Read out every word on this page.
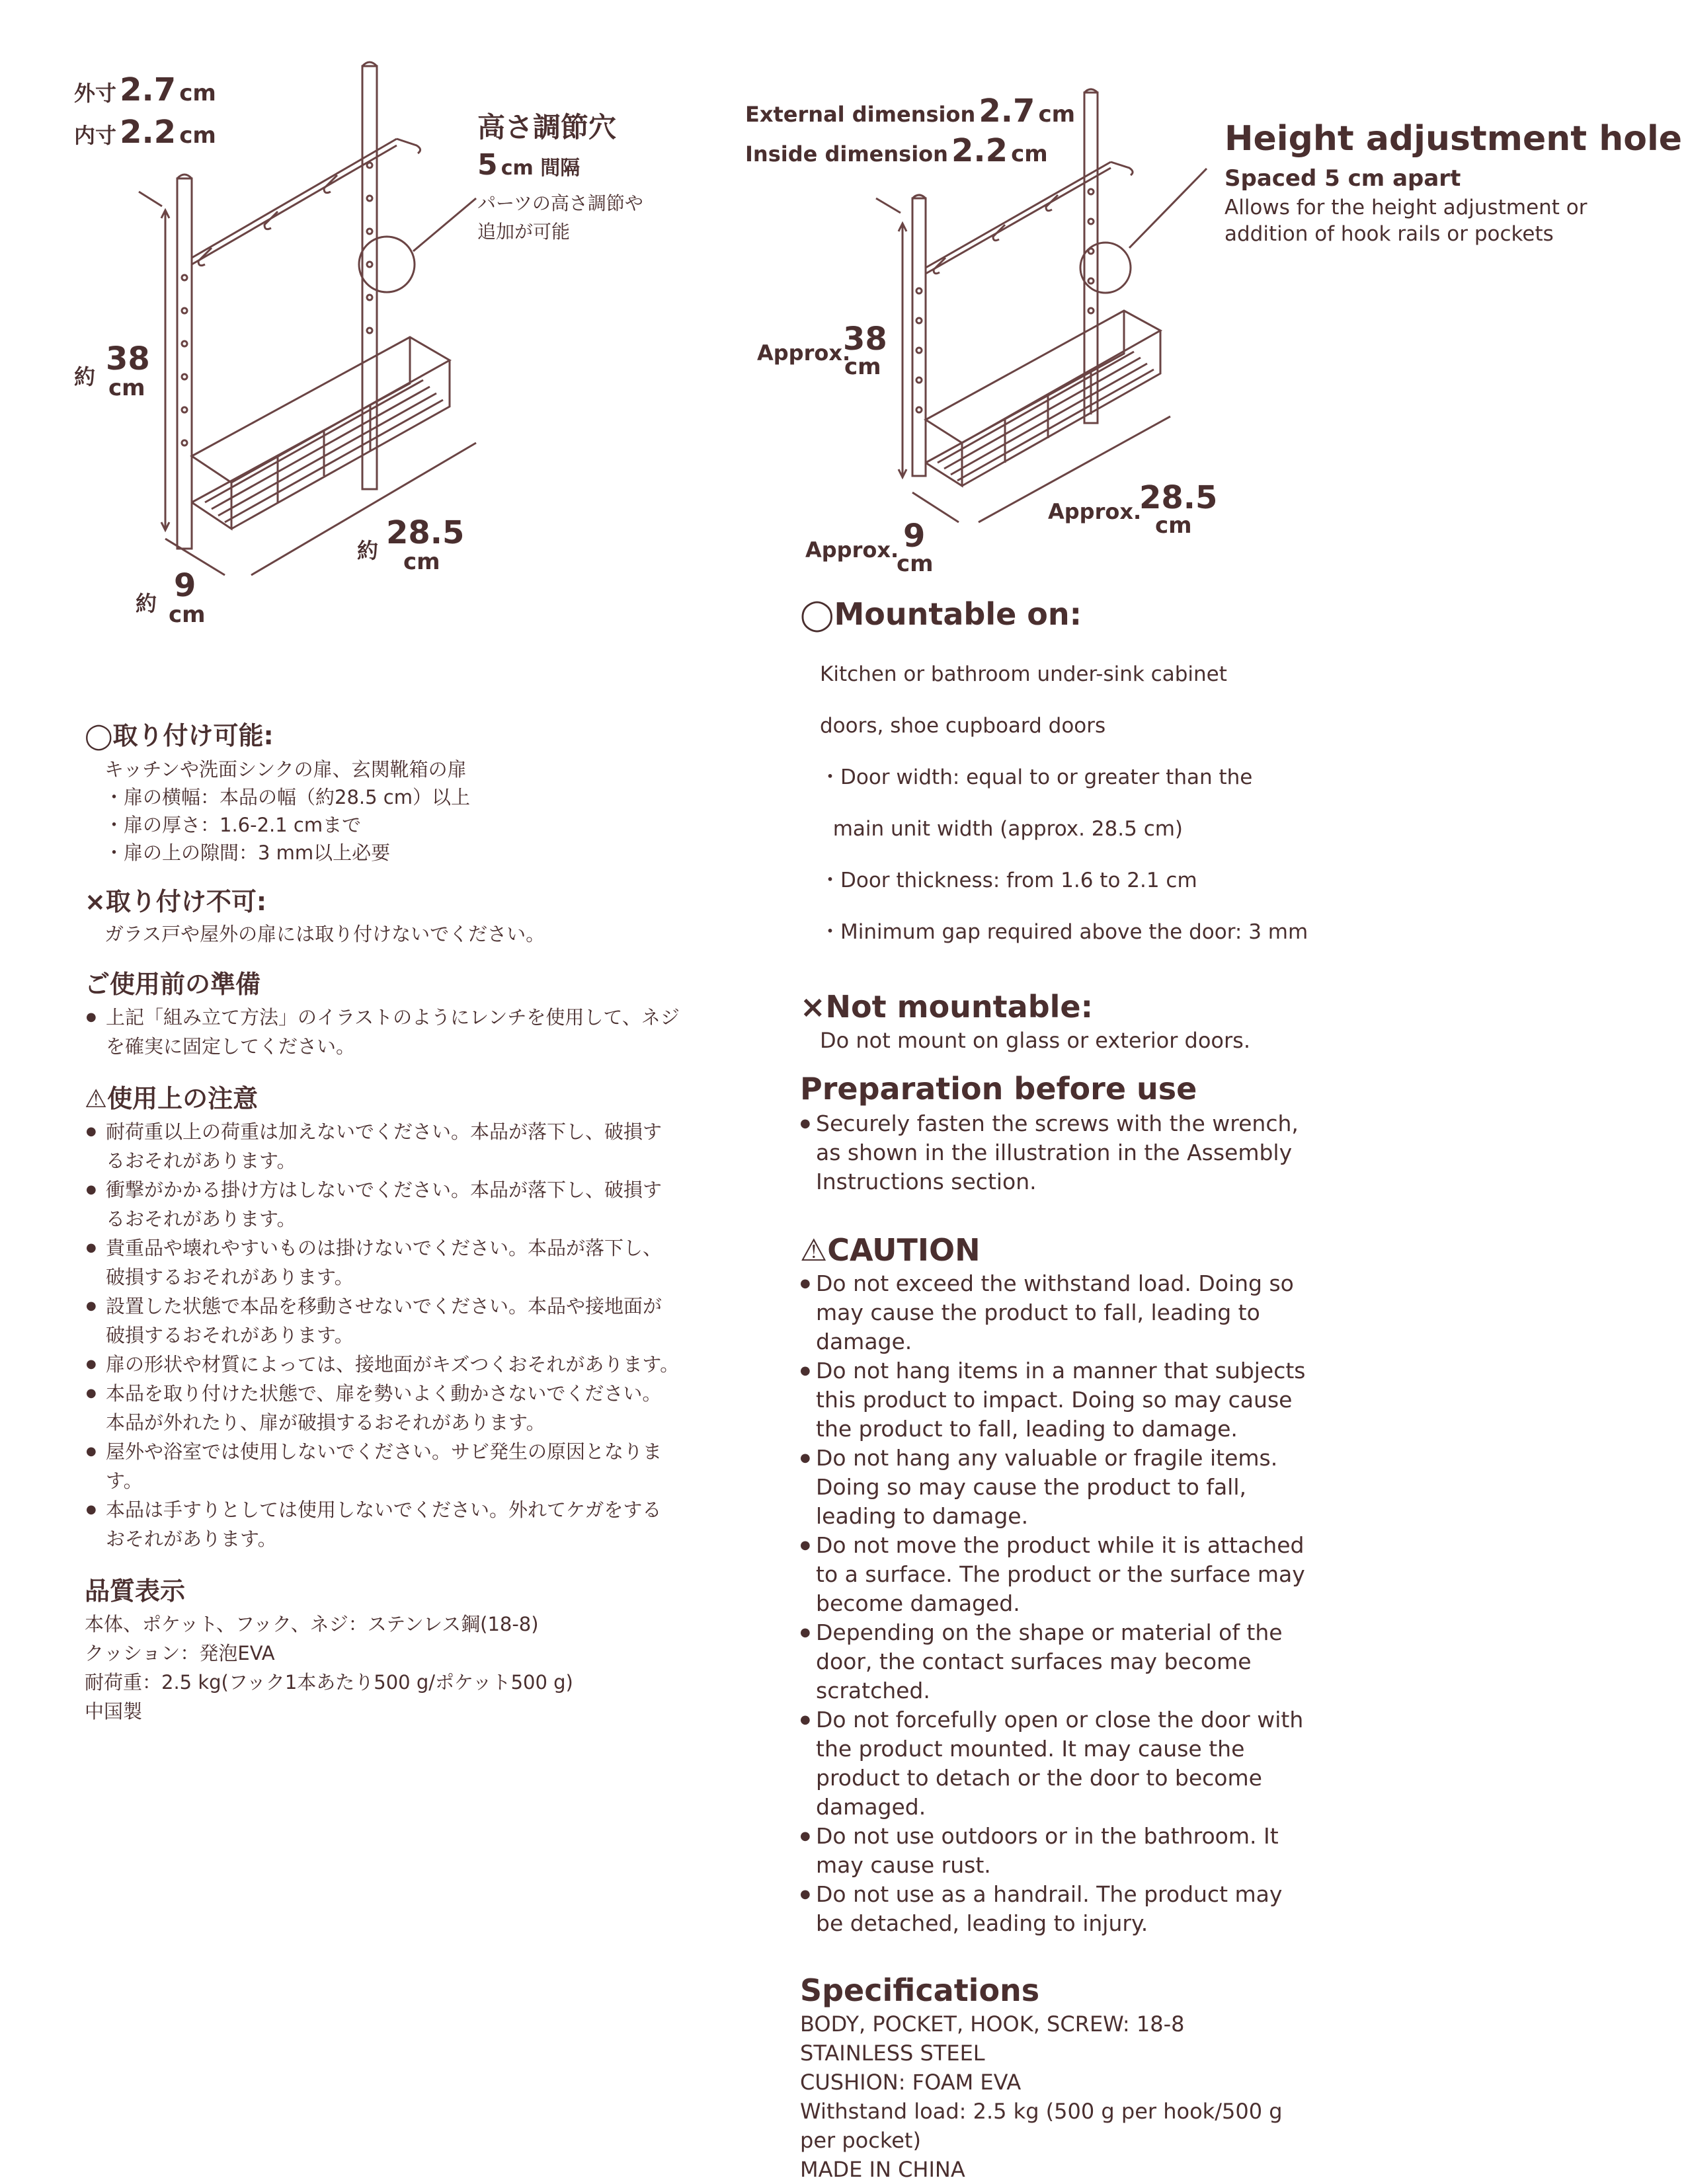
外寸 2.7 cm
内寸 2.2 cm
約 38
cm
約 28.5
cm
約 9
cm
高さ調節穴
5 cm 間隔
パーツの高さ調節や
追加が可能
External dimension 2.7 cm
Inside dimension 2.2 cm
Approx.
38
cm
Approx.
28.5
cm
Approx. 9
cm
Height adjustment hole
Spaced 5 cm apart
Allows for the height adjustment or
addition of hook rails or pockets
◯取り付け可能:
キッチンや洗面シンクの扉、玄関靴箱の扉
・扉の横幅：本品の幅（約28.5 cm）以上
・扉の厚さ：1.6-2.1 cmまで
・扉の上の隙間：3 mm以上必要
×取り付け不可:
ガラス戸や屋外の扉には取り付けないでください。
ご使用前の準備
● 上記「組み立て方法」のイラストのようにレンチを使用して、ネジを確実に固定してください。
⚠使用上の注意
● 耐荷重以上の荷重は加えないでください。本品が落下し、破損するおそれがあります。
● 衝撃がかかる掛け方はしないでください。本品が落下し、破損するおそれがあります。
● 貴重品や壊れやすいものは掛けないでください。本品が落下し、破損するおそれがあります。
● 設置した状態で本品を移動させないでください。本品や接地面が破損するおそれがあります。
● 扉の形状や材質によっては、接地面がキズつくおそれがあります。
● 本品を取り付けた状態で、扉を勢いよく動かさないでください。本品が外れたり、扉が破損するおそれがあります。
● 屋外や浴室では使用しないでください。サビ発生の原因となります。
● 本品は手すりとしては使用しないでください。外れてケガをするおそれがあります。
品質表示
本体、ポケット、フック、ネジ：ステンレス鋼(18-8)
クッション：発泡EVA
耐荷重：2.5 kg(フック1本あたり500 g/ポケット500 g)
中国製
◯Mountable on:

Kitchen or bathroom under-sink cabinet

doors, shoe cupboard doors

・Door width: equal to or greater than the

main unit width (approx. 28.5 cm)

・Door thickness: from 1.6 to 2.1 cm

・Minimum gap required above the door: 3 mm

×Not mountable:
Do not mount on glass or exterior doors.
Preparation before use
● Securely fasten the screws with the wrench, as shown in the illustration in the Assembly Instructions section.
⚠CAUTION
● Do not exceed the withstand load. Doing so may cause the product to fall, leading to damage.
● Do not hang items in a manner that subjects this product to impact. Doing so may cause the product to fall, leading to damage.
● Do not hang any valuable or fragile items. Doing so may cause the product to fall, leading to damage.
● Do not move the product while it is attached to a surface. The product or the surface may become damaged.
● Depending on the shape or material of the door, the contact surfaces may become scratched.
● Do not forcefully open or close the door with the product mounted. It may cause the product to detach or the door to become damaged.
● Do not use outdoors or in the bathroom. It may cause rust.
● Do not use as a handrail. The product may be detached, leading to injury.
Specifications
BODY, POCKET, HOOK, SCREW: 18-8
STAINLESS STEEL
CUSHION: FOAM EVA
Withstand load: 2.5 kg (500 g per hook/500 g
per pocket)
MADE IN CHINA
